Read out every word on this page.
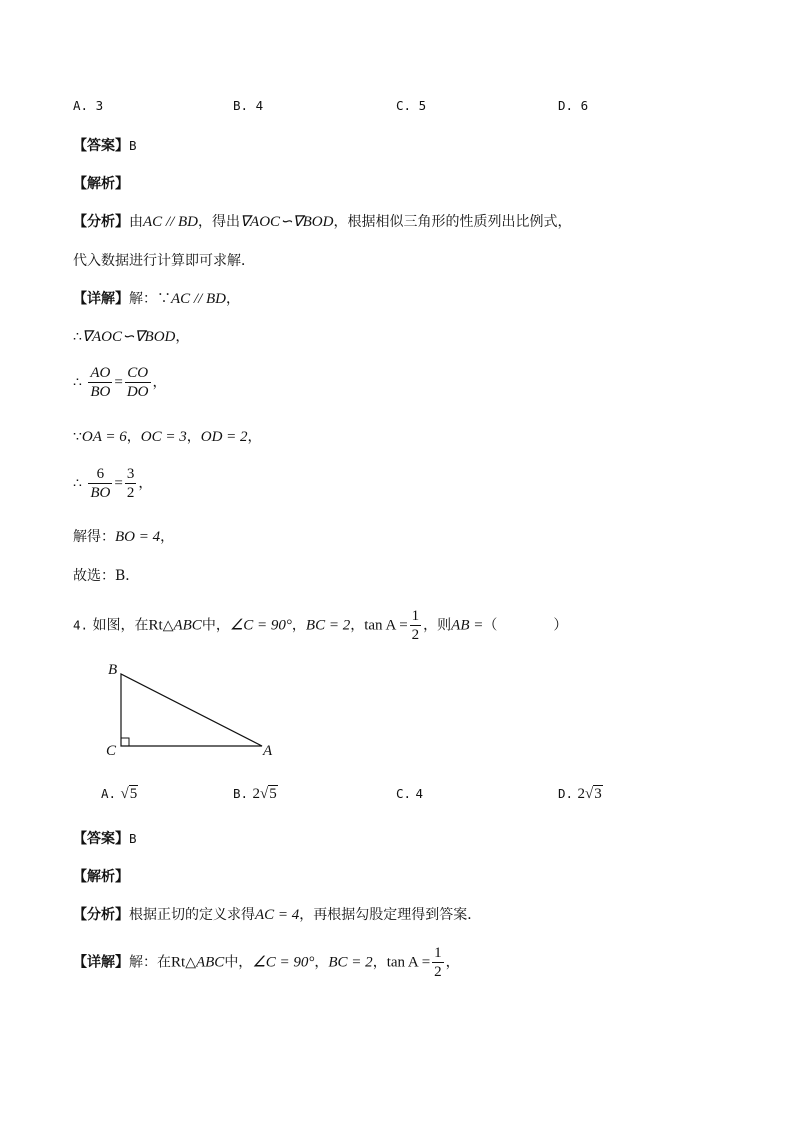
A. 3	B. 4	C. 5	D. 6
【答案】B
【解析】
【分析】由AC // BD，得出∇AOC∽∇BOD，根据相似三角形的性质列出比例式，
代入数据进行计算即可求解．
【详解】解：∵AC // BD，
∴∇AOC∽∇BOD，
∴ $\frac{AO}{BO} = \frac{CO}{DO}$ ，
∵OA = 6，OC = 3，OD = 2，
∴ $\frac{6}{BO} = \frac{3}{2}$ ，
解得：BO = 4，
故选：B．
4. 如图，在Rt△ABC中，∠C = 90°，BC = 2，$\tan A = \frac{1}{2}$ ，则AB =（　　　　）
B
C	A
A. √5	B. 2√5	C. 4	D. 2√3
【答案】B
【解析】
【分析】根据正切的定义求得AC = 4，再根据勾股定理得到答案．
【详解】解：在Rt△ABC中，∠C = 90°，BC = 2，$\tan A = \frac{1}{2}$ ，
